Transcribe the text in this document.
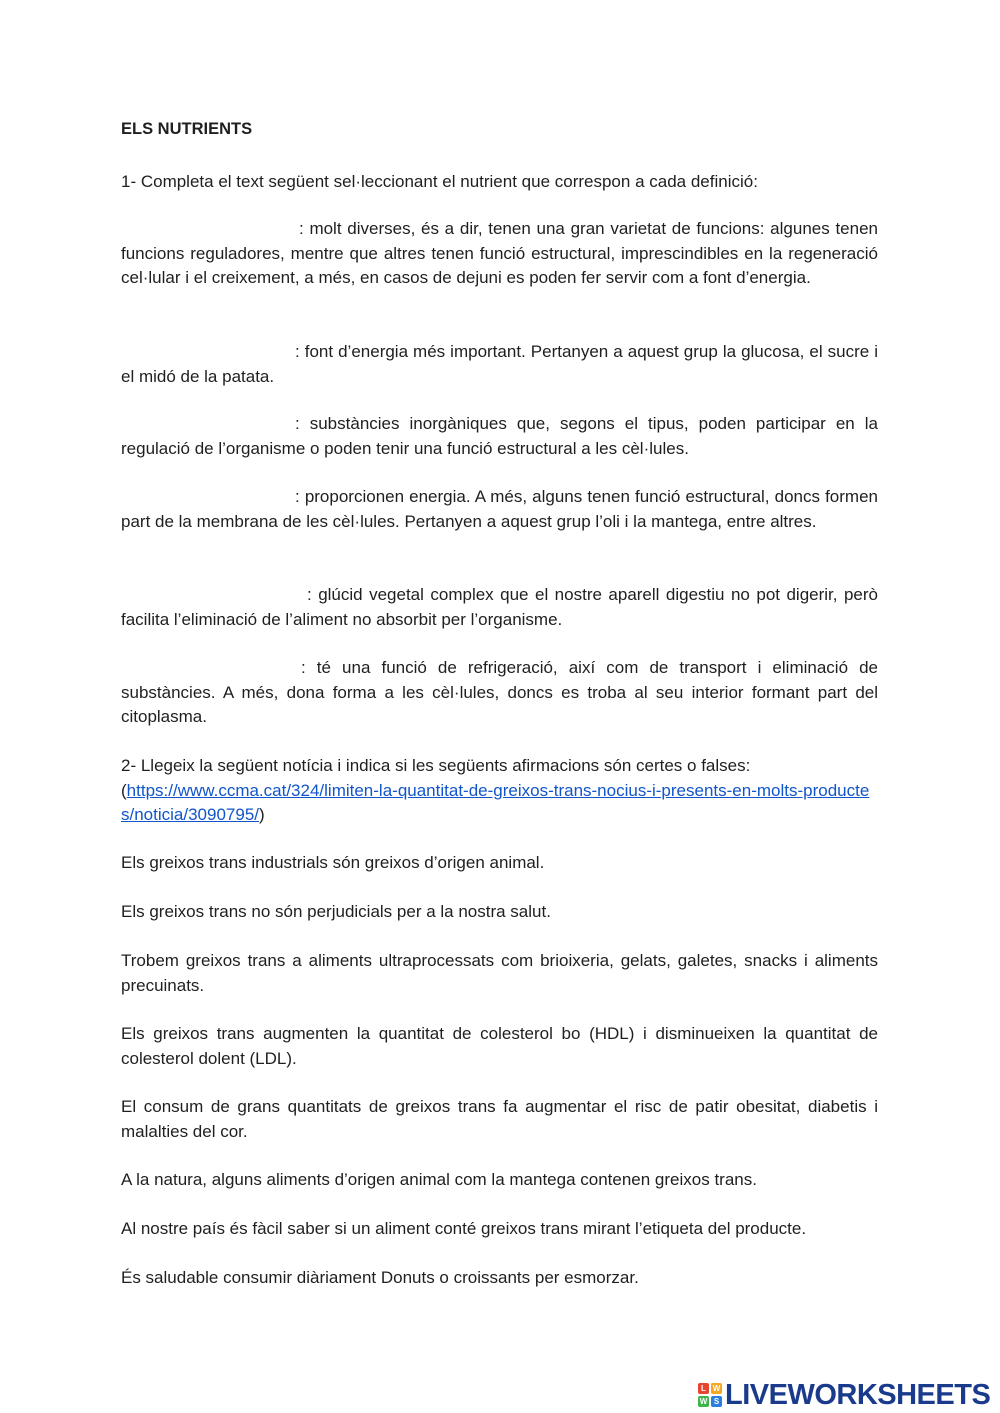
ELS NUTRIENTS

1- Completa el text següent sel·leccionant el nutrient que correspon a cada definició:

: molt diverses, és a dir, tenen una gran varietat de funcions: algunes tenen funcions reguladores, mentre que altres tenen funció estructural, imprescindibles en la regeneració cel·lular i el creixement, a més, en casos de dejuni es poden fer servir com a font d’energia.

: font d’energia més important. Pertanyen a aquest grup la glucosa, el sucre i el midó de la patata.

: substàncies inorgàniques que, segons el tipus, poden participar en la regulació de l’organisme o poden tenir una funció estructural a les cèl·lules.

: proporcionen energia. A més, alguns tenen funció estructural, doncs formen part de la membrana de les cèl·lules. Pertanyen a aquest grup l’oli i la mantega, entre altres.

: glúcid vegetal complex que el nostre aparell digestiu no pot digerir, però facilita l’eliminació de l’aliment no absorbit per l’organisme.

: té una funció de refrigeració, així com de transport i eliminació de substàncies. A més, dona forma a les cèl·lules, doncs es troba al seu interior formant part del citoplasma.

2- Llegeix la següent notícia i indica si les següents afirmacions són certes o falses:
(https://www.ccma.cat/324/limiten-la-quantitat-de-greixos-trans-nocius-i-presents-en-molts-productes/noticia/3090795/)

Els greixos trans industrials són greixos d’origen animal.

Els greixos trans no són perjudicials per a la nostra salut.

Trobem greixos trans a aliments ultraprocessats com brioixeria, gelats, galetes, snacks i aliments precuinats.

Els greixos trans augmenten la quantitat de colesterol bo (HDL) i disminueixen la quantitat de colesterol dolent (LDL).

El consum de grans quantitats de greixos trans fa augmentar el risc de patir obesitat, diabetis i malalties del cor.

A la natura, alguns aliments d’origen animal com la mantega contenen greixos trans.

Al nostre país és fàcil saber si un aliment conté greixos trans mirant l’etiqueta del producte.

És saludable consumir diàriament Donuts o croissants per esmorzar.

L W
W S LIVEWORKSHEETS
